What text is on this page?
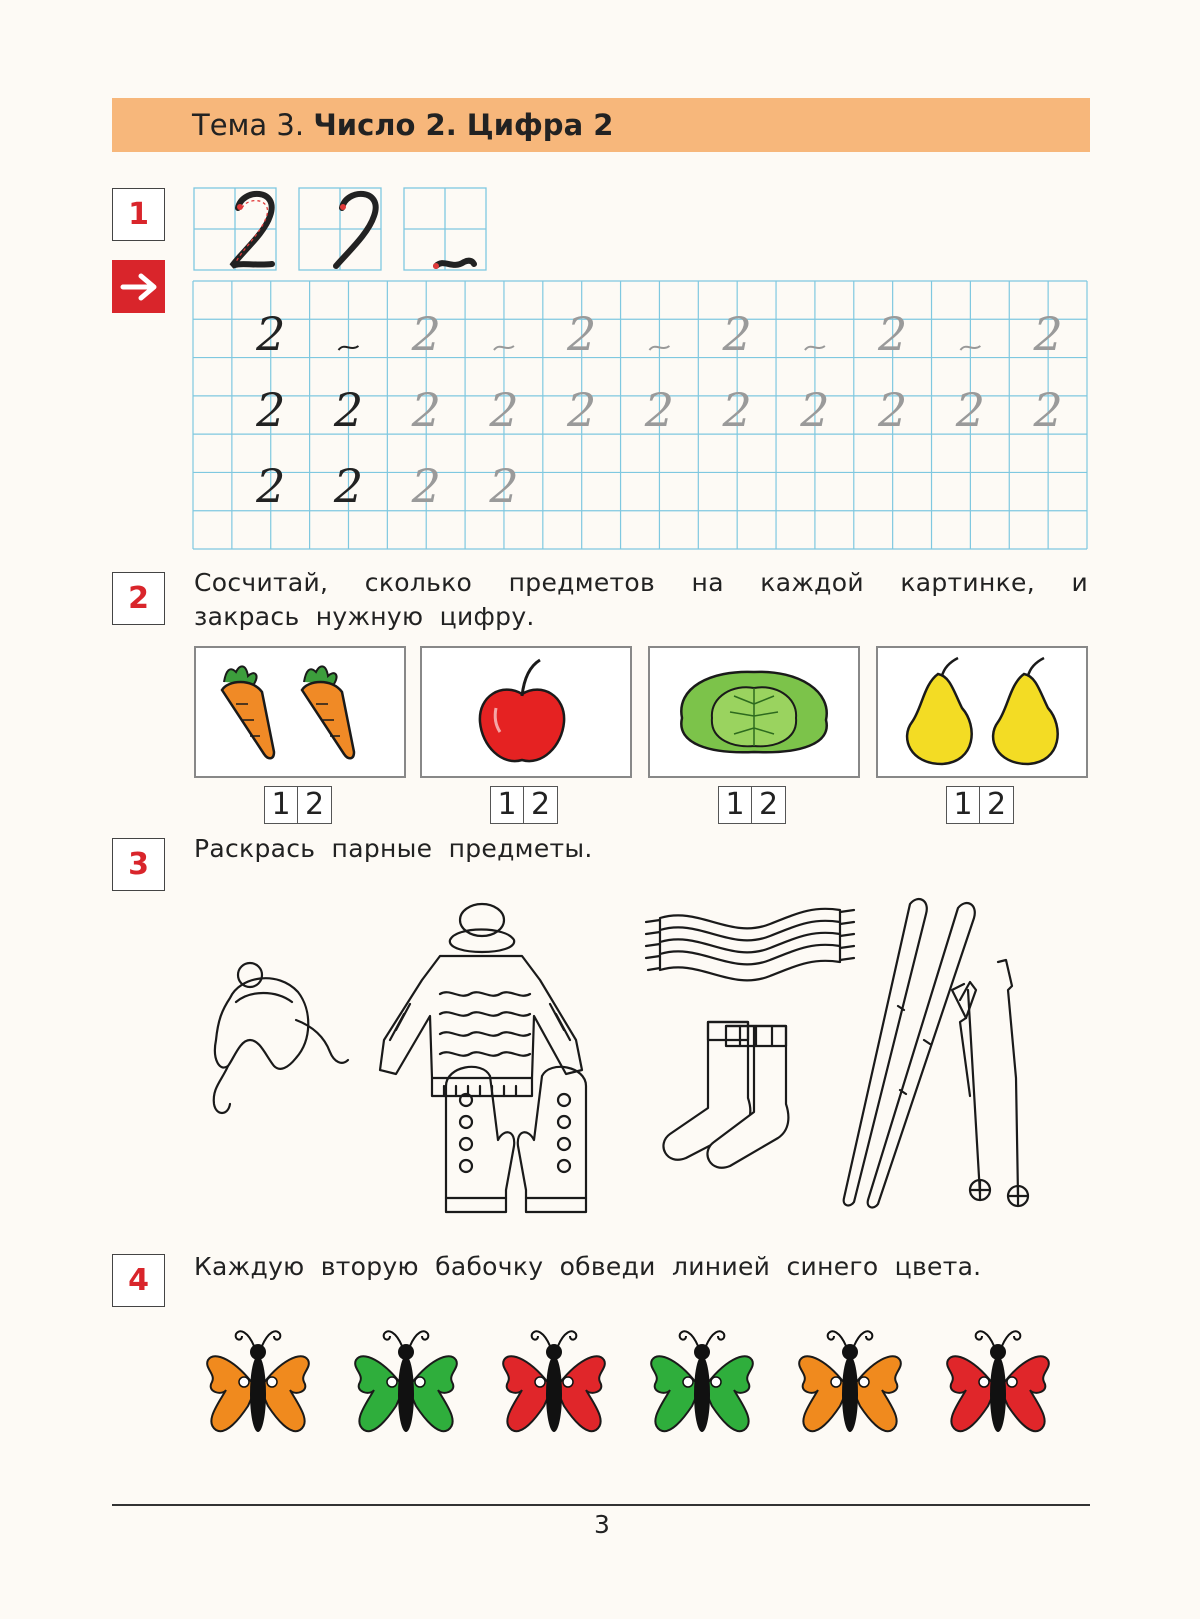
Тема 3. Число 2. Цифра 2
1
2	2	2	2	2	2
2 2 2 2 2 2 2 2 2 2 2
2 2 2 2
2	Сосчитай, сколько предметов на каждой картинке, и закрась нужную цифру.
1 2	1 2	1 2	1 2
3	Раскрась парные предметы.
4	Каждую вторую бабочку обведи линией синего цвета.
3
